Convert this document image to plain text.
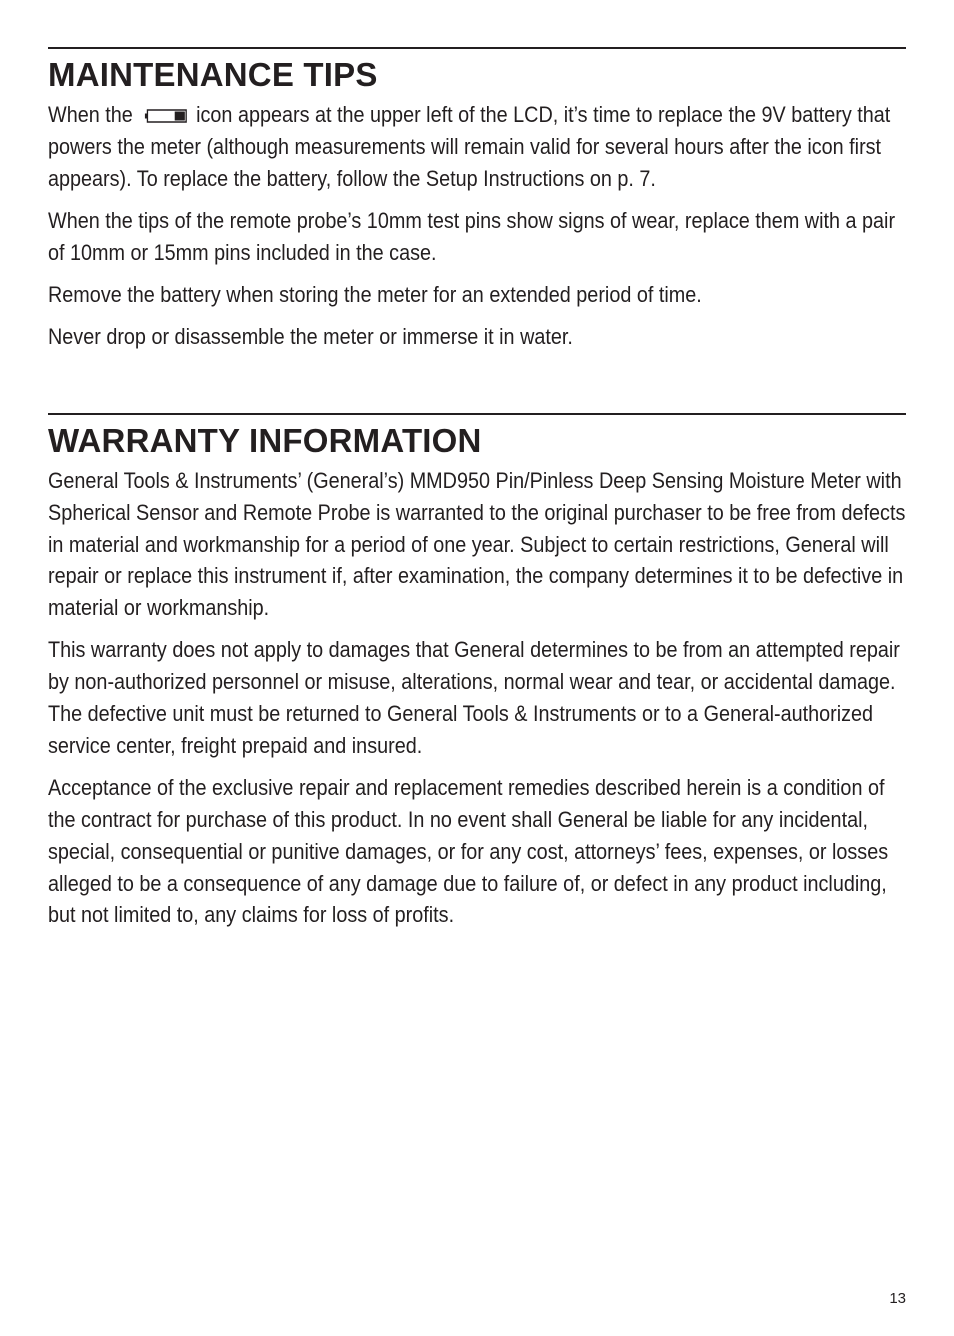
MAINTENANCE TIPS

When the	icon appears at the upper left of the LCD, it’s time to replace the 9V battery that powers the meter (although measurements will remain valid for several hours after the icon first appears). To replace the battery, follow the Setup Instructions on p. 7.

When the tips of the remote probe’s 10mm test pins show signs of wear, replace them with a pair of 10mm or 15mm pins included in the case.

Remove the battery when storing the meter for an extended period of time.

Never drop or disassemble the meter or immerse it in water.

WARRANTY INFORMATION

General Tools & Instruments’ (General’s) MMD950 Pin/Pinless Deep Sensing Moisture Meter with Spherical Sensor and Remote Probe is warranted to the original purchaser to be free from defects in material and workmanship for a period of one year. Subject to certain restrictions, General will repair or replace this instrument if, after examination, the company determines it to be defective in material or workmanship.

This warranty does not apply to damages that General determines to be from an attempted repair by non-authorized personnel or misuse, alterations, normal wear and tear, or accidental damage. The defective unit must be returned to General Tools & Instruments or to a General-authorized service center, freight prepaid and insured.

Acceptance of the exclusive repair and replacement remedies described herein is a condition of the contract for purchase of this product. In no event shall General be liable for any incidental, special, consequential or punitive damages, or for any cost, attorneys’ fees, expenses, or losses alleged to be a consequence of any damage due to failure of, or defect in any product including, but not limited to, any claims for loss of profits.

13
